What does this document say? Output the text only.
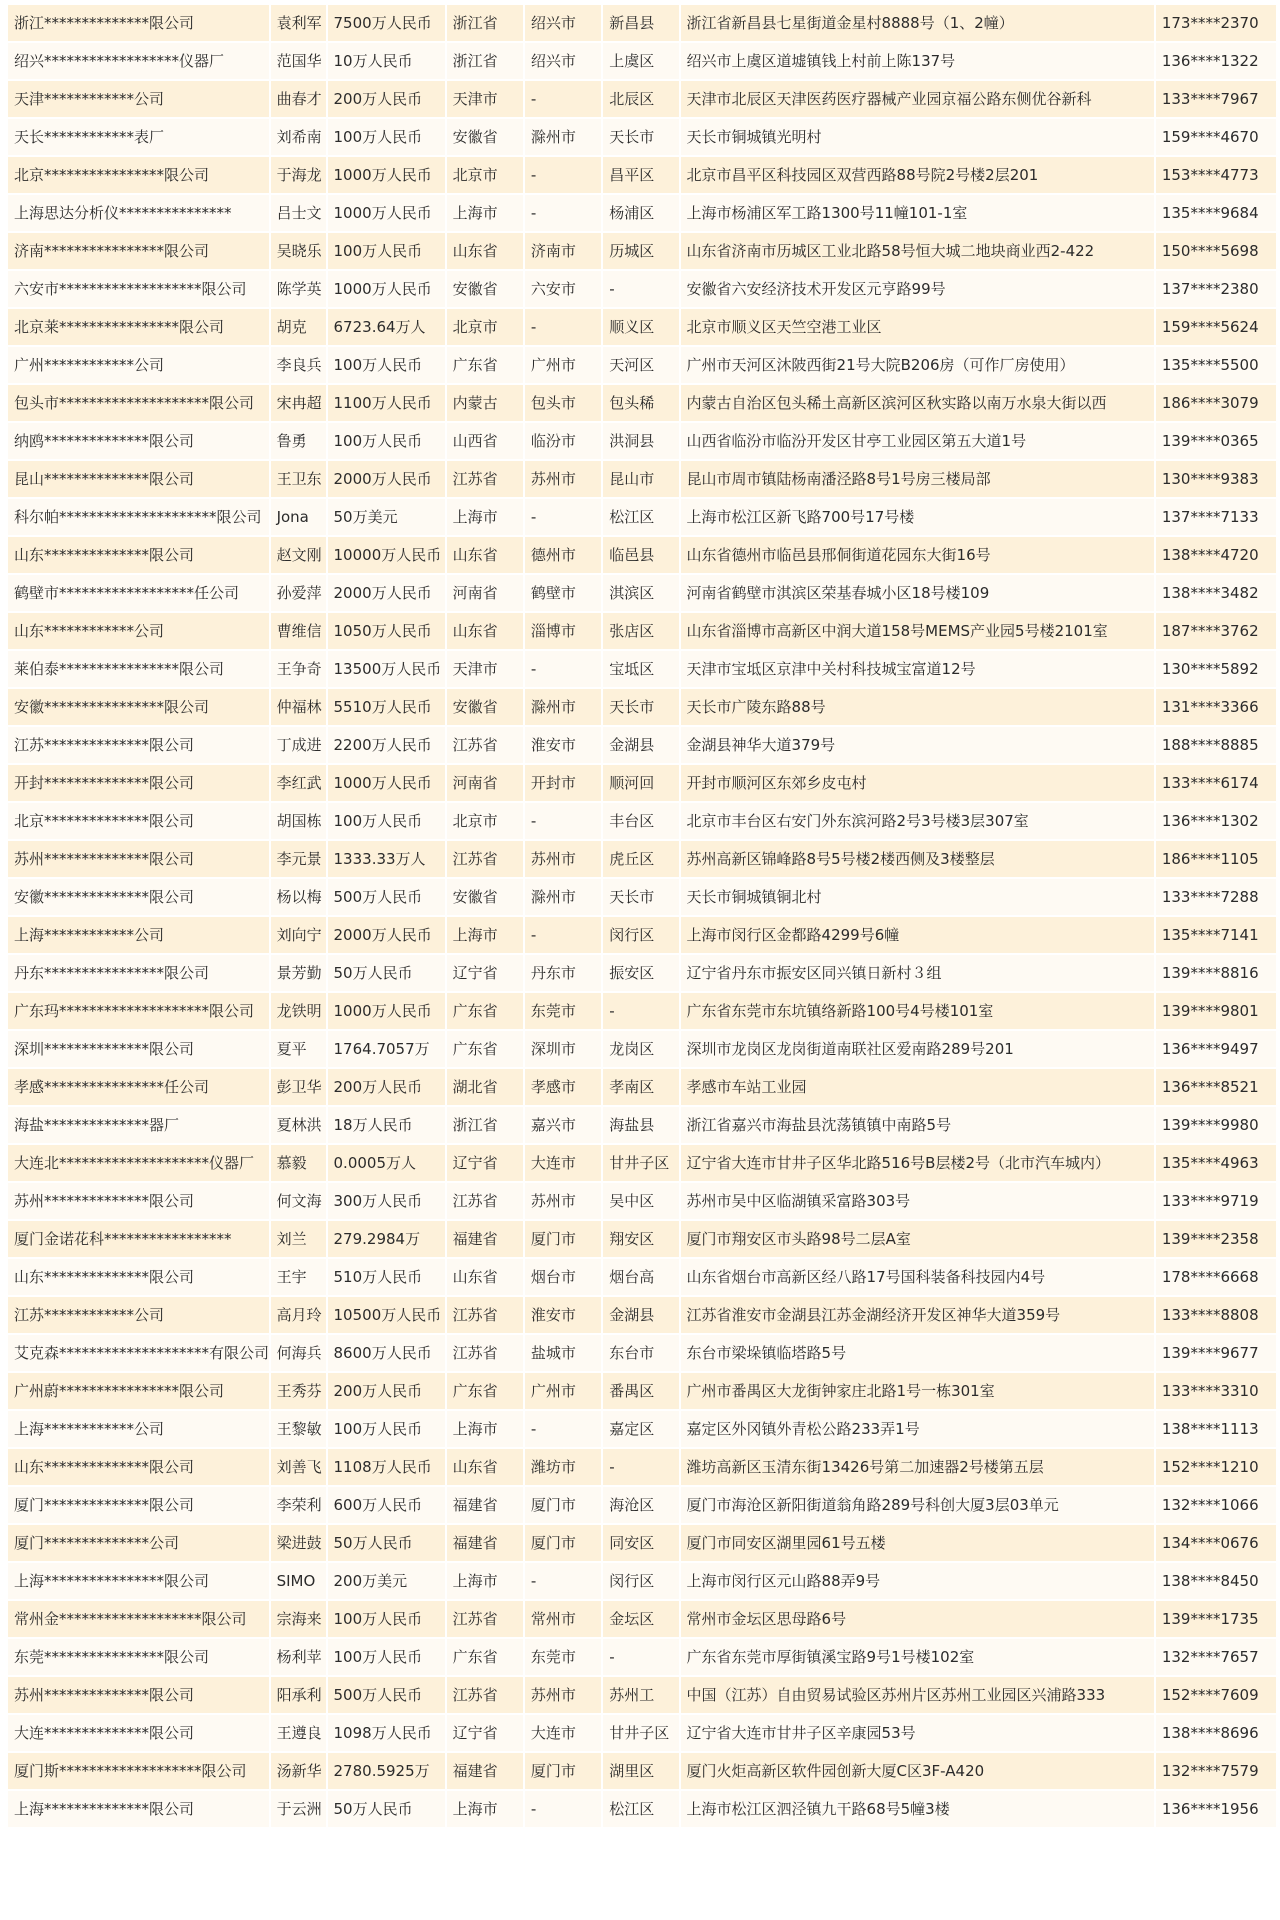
浙江**************限公司	袁利军	7500万人民币	浙江省	绍兴市	新昌县	浙江省新昌县七星街道金星村8888号（1、2幢）	173****2370
绍兴******************仪器厂	范国华	10万人民币	浙江省	绍兴市	上虞区	绍兴市上虞区道墟镇钱上村前上陈137号	136****1322
天津************公司	曲春才	200万人民币	天津市	-	北辰区	天津市北辰区天津医药医疗器械产业园京福公路东侧优谷新科	133****7967
天长************表厂	刘希南	100万人民币	安徽省	滁州市	天长市	天长市铜城镇光明村	159****4670
北京****************限公司	于海龙	1000万人民币	北京市	-	昌平区	北京市昌平区科技园区双营西路88号院2号楼2层201	153****4773
上海思达分析仪***************	吕士文	1000万人民币	上海市	-	杨浦区	上海市杨浦区军工路1300号11幢101-1室	135****9684
济南****************限公司	吴晓乐	100万人民币	山东省	济南市	历城区	山东省济南市历城区工业北路58号恒大城二地块商业西2-422	150****5698
六安市*******************限公司	陈学英	1000万人民币	安徽省	六安市	-	安徽省六安经济技术开发区元亨路99号	137****2380
北京莱****************限公司	胡克	6723.64万人	北京市	-	顺义区	北京市顺义区天竺空港工业区	159****5624
广州************公司	李良兵	100万人民币	广东省	广州市	天河区	广州市天河区沐陂西街21号大院B206房（可作厂房使用）	135****5500
包头市********************限公司	宋冉超	1100万人民币	内蒙古	包头市	包头稀	内蒙古自治区包头稀土高新区滨河区秋实路以南万水泉大街以西	186****3079
纳鸥**************限公司	鲁勇	100万人民币	山西省	临汾市	洪洞县	山西省临汾市临汾开发区甘亭工业园区第五大道1号	139****0365
昆山**************限公司	王卫东	2000万人民币	江苏省	苏州市	昆山市	昆山市周市镇陆杨南潘泾路8号1号房三楼局部	130****9383
科尔帕*********************限公司	Jona	50万美元	上海市	-	松江区	上海市松江区新飞路700号17号楼	137****7133
山东**************限公司	赵文刚	10000万人民币	山东省	德州市	临邑县	山东省德州市临邑县邢侗街道花园东大街16号	138****4720
鹤壁市******************任公司	孙爱萍	2000万人民币	河南省	鹤壁市	淇滨区	河南省鹤壁市淇滨区荣基春城小区18号楼109	138****3482
山东************公司	曹维信	1050万人民币	山东省	淄博市	张店区	山东省淄博市高新区中润大道158号MEMS产业园5号楼2101室	187****3762
莱伯泰****************限公司	王争奇	13500万人民币	天津市	-	宝坻区	天津市宝坻区京津中关村科技城宝富道12号	130****5892
安徽****************限公司	仲福林	5510万人民币	安徽省	滁州市	天长市	天长市广陵东路88号	131****3366
江苏**************限公司	丁成进	2200万人民币	江苏省	淮安市	金湖县	金湖县神华大道379号	188****8885
开封**************限公司	李红武	1000万人民币	河南省	开封市	顺河回	开封市顺河区东郊乡皮屯村	133****6174
北京**************限公司	胡国栋	100万人民币	北京市	-	丰台区	北京市丰台区右安门外东滨河路2号3号楼3层307室	136****1302
苏州**************限公司	李元景	1333.33万人	江苏省	苏州市	虎丘区	苏州高新区锦峰路8号5号楼2楼西侧及3楼整层	186****1105
安徽**************限公司	杨以梅	500万人民币	安徽省	滁州市	天长市	天长市铜城镇铜北村	133****7288
上海************公司	刘向宁	2000万人民币	上海市	-	闵行区	上海市闵行区金都路4299号6幢	135****7141
丹东****************限公司	景芳勤	50万人民币	辽宁省	丹东市	振安区	辽宁省丹东市振安区同兴镇日新村３组	139****8816
广东玛********************限公司	龙铁明	1000万人民币	广东省	东莞市	-	广东省东莞市东坑镇络新路100号4号楼101室	139****9801
深圳**************限公司	夏平	1764.7057万	广东省	深圳市	龙岗区	深圳市龙岗区龙岗街道南联社区爱南路289号201	136****9497
孝感****************任公司	彭卫华	200万人民币	湖北省	孝感市	孝南区	孝感市车站工业园	136****8521
海盐**************器厂	夏林洪	18万人民币	浙江省	嘉兴市	海盐县	浙江省嘉兴市海盐县沈荡镇镇中南路5号	139****9980
大连北********************仪器厂	慕毅	0.0005万人	辽宁省	大连市	甘井子区	辽宁省大连市甘井子区华北路516号B层楼2号（北市汽车城内）	135****4963
苏州**************限公司	何文海	300万人民币	江苏省	苏州市	吴中区	苏州市吴中区临湖镇采富路303号	133****9719
厦门金诺花科*****************	刘兰	279.2984万	福建省	厦门市	翔安区	厦门市翔安区市头路98号二层A室	139****2358
山东**************限公司	王宇	510万人民币	山东省	烟台市	烟台高	山东省烟台市高新区经八路17号国科装备科技园内4号	178****6668
江苏************公司	高月玲	10500万人民币	江苏省	淮安市	金湖县	江苏省淮安市金湖县江苏金湖经济开发区神华大道359号	133****8808
艾克森********************有限公司	何海兵	8600万人民币	江苏省	盐城市	东台市	东台市梁垛镇临塔路5号	139****9677
广州蔚****************限公司	王秀芬	200万人民币	广东省	广州市	番禺区	广州市番禺区大龙街钟家庄北路1号一栋301室	133****3310
上海************公司	王黎敏	100万人民币	上海市	-	嘉定区	嘉定区外冈镇外青松公路233弄1号	138****1113
山东**************限公司	刘善飞	1108万人民币	山东省	潍坊市	-	潍坊高新区玉清东街13426号第二加速器2号楼第五层	152****1210
厦门**************限公司	李荣利	600万人民币	福建省	厦门市	海沧区	厦门市海沧区新阳街道翁角路289号科创大厦3层03单元	132****1066
厦门**************公司	梁进鼓	50万人民币	福建省	厦门市	同安区	厦门市同安区湖里园61号五楼	134****0676
上海****************限公司	SIMO	200万美元	上海市	-	闵行区	上海市闵行区元山路88弄9号	138****8450
常州金*******************限公司	宗海来	100万人民币	江苏省	常州市	金坛区	常州市金坛区思母路6号	139****1735
东莞****************限公司	杨利苹	100万人民币	广东省	东莞市	-	广东省东莞市厚街镇溪宝路9号1号楼102室	132****7657
苏州**************限公司	阳承利	500万人民币	江苏省	苏州市	苏州工	中国（江苏）自由贸易试验区苏州片区苏州工业园区兴浦路333	152****7609
大连**************限公司	王遵良	1098万人民币	辽宁省	大连市	甘井子区	辽宁省大连市甘井子区辛康园53号	138****8696
厦门斯*******************限公司	汤新华	2780.5925万	福建省	厦门市	湖里区	厦门火炬高新区软件园创新大厦C区3F-A420	132****7579
上海**************限公司	于云洲	50万人民币	上海市	-	松江区	上海市松江区泗泾镇九干路68号5幢3楼	136****1956
